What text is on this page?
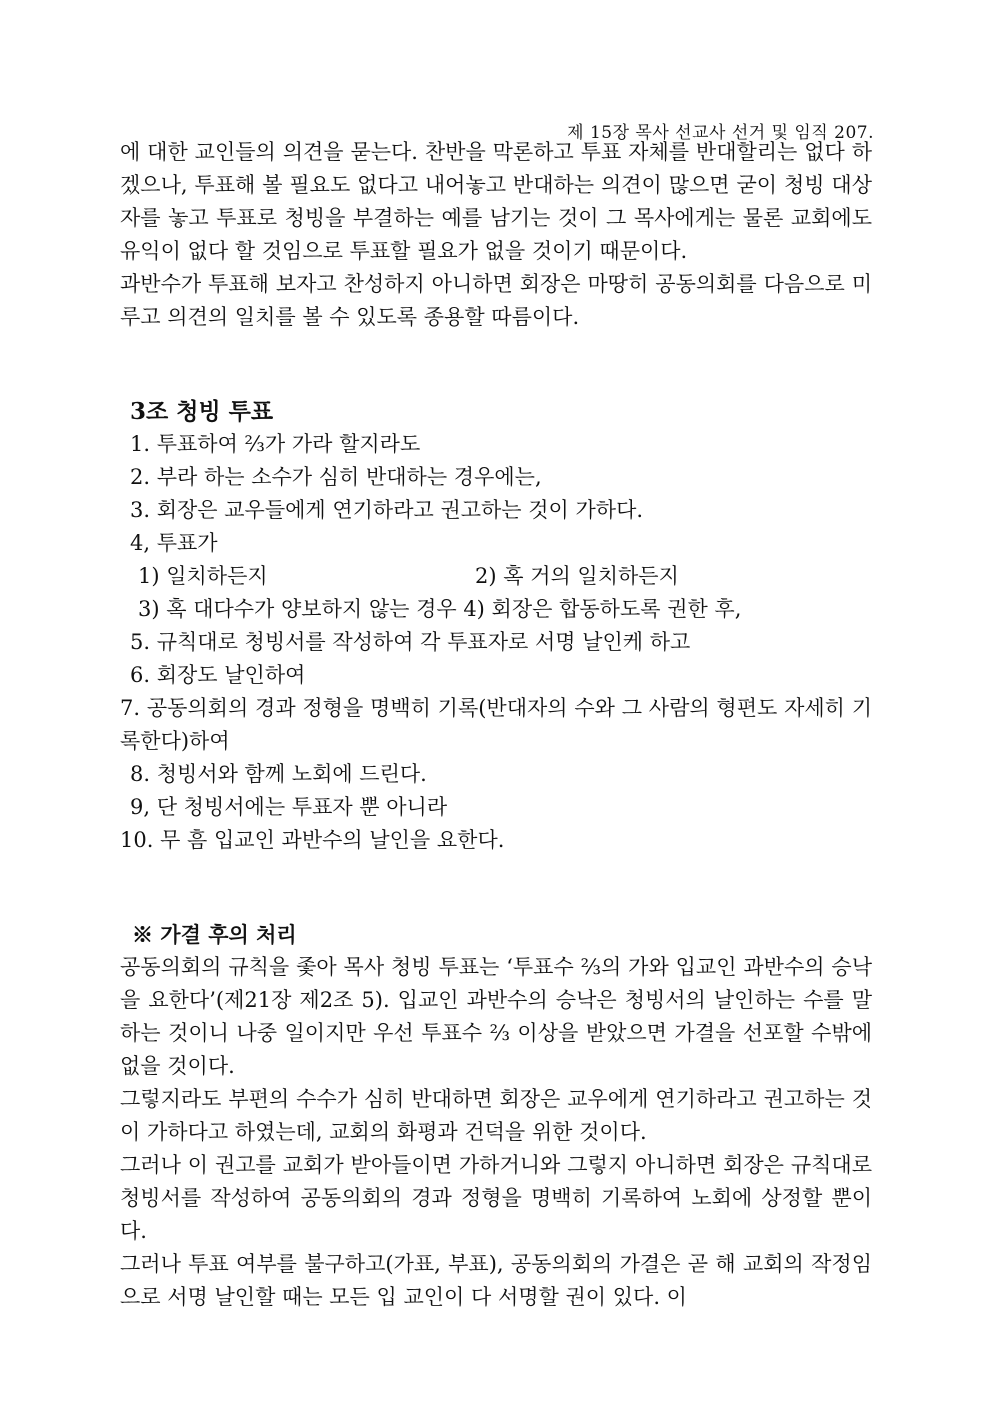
제 15장 목사 선교사 선거 및 임직 207.

에 대한 교인들의 의견을 묻는다. 찬반을 막론하고 투표 자체를 반대할리는 없다 하겠으나, 투표해 볼 필요도 없다고 내어놓고 반대하는 의견이 많으면 굳이 청빙 대상자를 놓고 투표로 청빙을 부결하는 예를 남기는 것이 그 목사에게는 물론 교회에도 유익이 없다 할 것임으로 투표할 필요가 없을 것이기 때문이다.

과반수가 투표해 보자고 찬성하지 아니하면 회장은 마땅히 공동의회를 다음으로 미루고 의견의 일치를 볼 수 있도록 종용할 따름이다.

3조 청빙 투표

1. 투표하여 ⅔가 가라 할지라도

2. 부라 하는 소수가 심히 반대하는 경우에는,

3. 회장은 교우들에게 연기하라고 권고하는 것이 가하다.

4, 투표가

1) 일치하든지	2) 혹 거의 일치하든지

3) 혹 대다수가 양보하지 않는 경우 4) 회장은 합동하도록 권한 후,

5. 규칙대로 청빙서를 작성하여 각 투표자로 서명 날인케 하고

6. 회장도 날인하여

7. 공동의회의 경과 정형을 명백히 기록(반대자의 수와 그 사람의 형편도 자세히 기록한다)하여

8. 청빙서와 함께 노회에 드린다.

9, 단 청빙서에는 투표자 뿐 아니라

10. 무 흠 입교인 과반수의 날인을 요한다.

※ 가결 후의 처리

공동의회의 규칙을 좇아 목사 청빙 투표는 ‘투표수 ⅔의 가와 입교인 과반수의 승낙을 요한다’(제21장 제2조 5). 입교인 과반수의 승낙은 청빙서의 날인하는 수를 말하는 것이니 나중 일이지만 우선 투표수 ⅔ 이상을 받았으면 가결을 선포할 수밖에 없을 것이다.

그렇지라도 부편의 수수가 심히 반대하면 회장은 교우에게 연기하라고 권고하는 것이 가하다고 하였는데, 교회의 화평과 건덕을 위한 것이다.

그러나 이 권고를 교회가 받아들이면 가하거니와 그렇지 아니하면 회장은 규칙대로 청빙서를 작성하여 공동의회의 경과 정형을 명백히 기록하여 노회에 상정할 뿐이다.

그러나 투표 여부를 불구하고(가표, 부표), 공동의회의 가결은 곧 해 교회의 작정임으로 서명 날인할 때는 모든 입 교인이 다 서명할 권이 있다. 이
